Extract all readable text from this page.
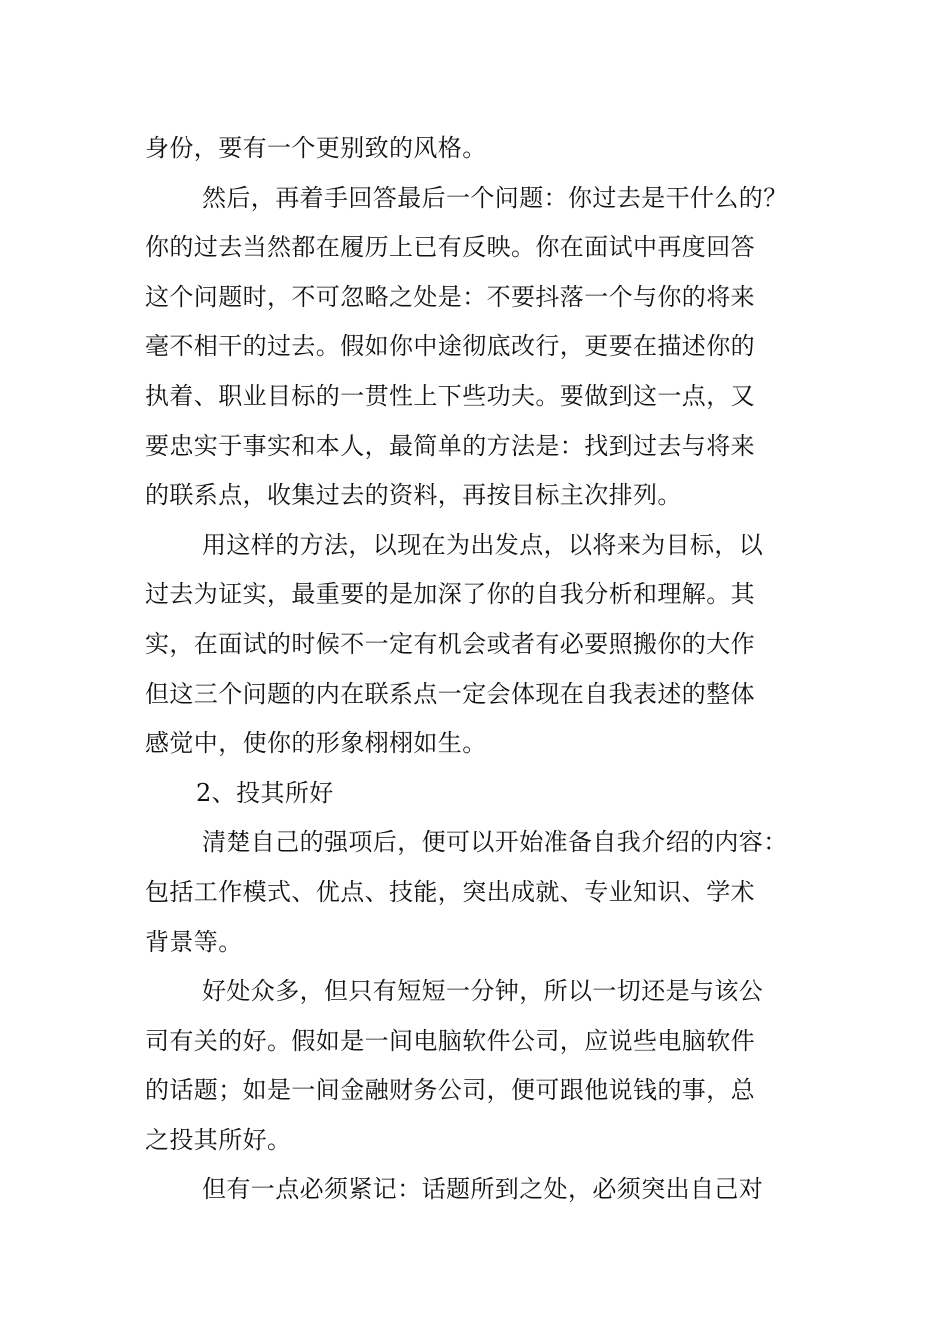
身份，要有一个更别致的风格。
然后，再着手回答最后一个问题：你过去是干什么的？
你的过去当然都在履历上已有反映。你在面试中再度回答
这个问题时，不可忽略之处是：不要抖落一个与你的将来
毫不相干的过去。假如你中途彻底改行，更要在描述你的
执着、职业目标的一贯性上下些功夫。要做到这一点，又
要忠实于事实和本人，最简单的方法是：找到过去与将来
的联系点，收集过去的资料，再按目标主次排列。
用这样的方法，以现在为出发点，以将来为目标，以
过去为证实，最重要的是加深了你的自我分析和理解。其
实，在面试的时候不一定有机会或者有必要照搬你的大作
但这三个问题的内在联系点一定会体现在自我表述的整体
感觉中，使你的形象栩栩如生。
2、投其所好
清楚自己的强项后，便可以开始准备自我介绍的内容：
包括工作模式、优点、技能，突出成就、专业知识、学术
背景等。
好处众多，但只有短短一分钟，所以一切还是与该公
司有关的好。假如是一间电脑软件公司，应说些电脑软件
的话题；如是一间金融财务公司，便可跟他说钱的事，总
之投其所好。
但有一点必须紧记：话题所到之处，必须突出自己对
